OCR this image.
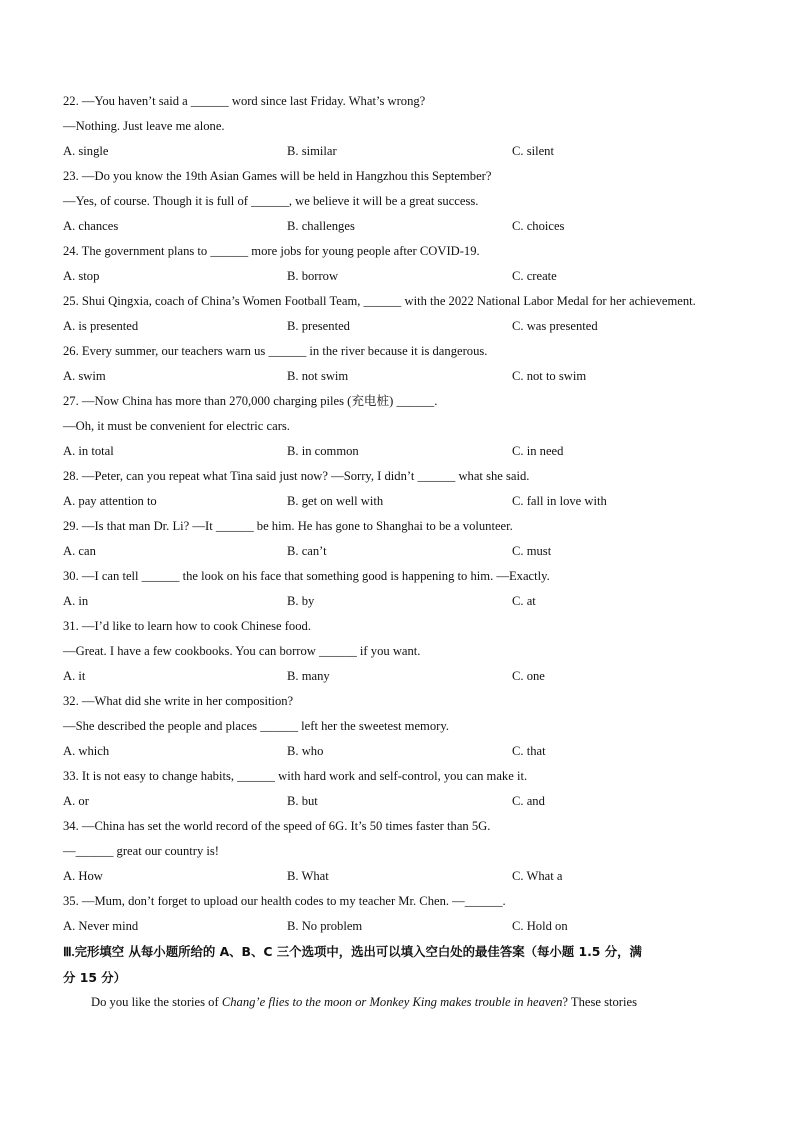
22. —You haven’t said a ______ word since last Friday. What’s wrong?
—Nothing. Just leave me alone.
A. single	B. similar	C. silent
23. —Do you know the 19th Asian Games will be held in Hangzhou this September?
—Yes, of course. Though it is full of ______, we believe it will be a great success.
A. chances	B. challenges	C. choices
24. The government plans to ______ more jobs for young people after COVID-19.
A. stop	B. borrow	C. create
25. Shui Qingxia, coach of China’s Women Football Team, ______ with the 2022 National Labor Medal for her achievement.
A. is presented	B. presented	C. was presented
26. Every summer, our teachers warn us ______ in the river because it is dangerous.
A. swim	B. not swim	C. not to swim
27. —Now China has more than 270,000 charging piles (充电桩) ______.
—Oh, it must be convenient for electric cars.
A. in total	B. in common	C. in need
28. —Peter, can you repeat what Tina said just now? —Sorry, I didn’t ______ what she said.
A. pay attention to	B. get on well with	C. fall in love with
29. —Is that man Dr. Li? —It ______ be him. He has gone to Shanghai to be a volunteer.
A. can	B. can’t	C. must
30. —I can tell ______ the look on his face that something good is happening to him. —Exactly.
A. in	B. by	C. at
31. —I’d like to learn how to cook Chinese food.
—Great. I have a few cookbooks. You can borrow ______ if you want.
A. it	B. many	C. one
32. —What did she write in her composition?
—She described the people and places ______ left her the sweetest memory.
A. which	B. who	C. that
33. It is not easy to change habits, ______ with hard work and self-control, you can make it.
A. or	B. but	C. and
34. —China has set the world record of the speed of 6G. It’s 50 times faster than 5G.
—______ great our country is!
A. How	B. What	C. What a
35. —Mum, don’t forget to upload our health codes to my teacher Mr. Chen. —______.
A. Never mind	B. No problem	C. Hold on
Ⅲ.完形填空 从每小题所给的 A、B、C 三个选项中，选出可以填入空白处的最佳答案（每小题 1.5 分，满
分 15 分）
Do you like the stories of Chang’e flies to the moon or Monkey King makes trouble in heaven? These stories
